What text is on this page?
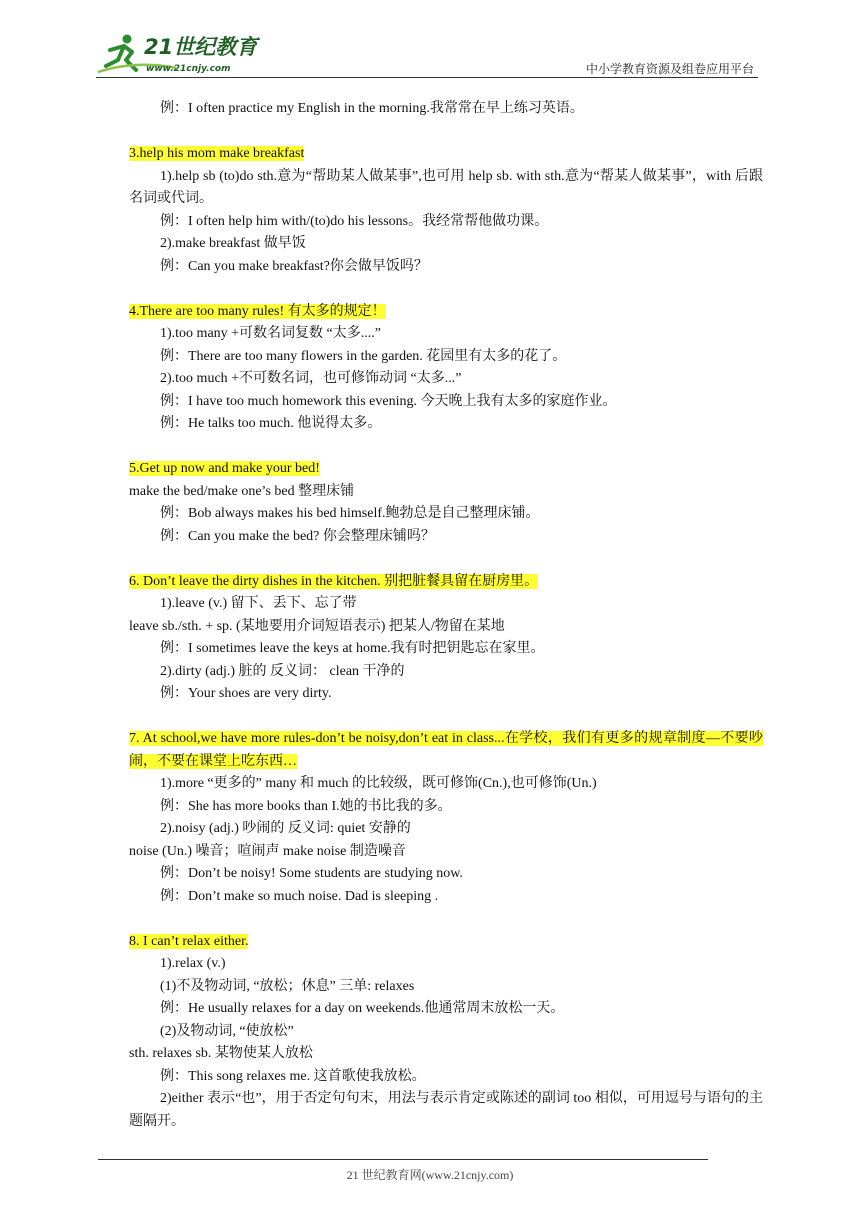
21世纪教育
www.21cnjy.com	中小学教育资源及组卷应用平台
例：I often practice my English in the morning.我常常在早上练习英语。
3.help his mom make breakfast
1).help sb (to)do sth.意为“帮助某人做某事”,也可用 help sb. with sth.意为“帮某人做某事”，with 后跟名词或代词。
例：I often help him with/(to)do his lessons。我经常帮他做功课。
2).make breakfast 做早饭
例：Can you make breakfast?你会做早饭吗？
4.There are too many rules! 有太多的规定！
1).too many +可数名词复数 “太多....”
例：There are too many flowers in the garden. 花园里有太多的花了。
2).too much +不可数名词，也可修饰动词 “太多...”
例：I have too much homework this evening. 今天晚上我有太多的家庭作业。
例：He talks too much. 他说得太多。
5.Get up now and make your bed!
make the bed/make one’s bed 整理床铺
例：Bob always makes his bed himself.鲍勃总是自己整理床铺。
例：Can you make the bed? 你会整理床铺吗？
6. Don’t leave the dirty dishes in the kitchen. 别把脏餐具留在厨房里。
1).leave (v.) 留下、丢下、忘了带
leave sb./sth. + sp. (某地要用介词短语表示) 把某人/物留在某地
例：I sometimes leave the keys at home.我有时把钥匙忘在家里。
2).dirty (adj.) 脏的 反义词： clean 干净的
例：Your shoes are very dirty.
7. At school,we have more rules-don’t be noisy,don’t eat in class...在学校，我们有更多的规章制度—不要吵闹，不要在课堂上吃东西…
1).more “更多的” many 和 much 的比较级，既可修饰(Cn.),也可修饰(Un.)
例：She has more books than I.她的书比我的多。
2).noisy (adj.) 吵闹的 反义词: quiet 安静的
noise (Un.) 噪音；喧闹声 make noise 制造噪音
例：Don’t be noisy! Some students are studying now.
例：Don’t make so much noise. Dad is sleeping .
8. I can’t relax either.
1).relax (v.)
(1)不及物动词, “放松；休息” 三单: relaxes
例：He usually relaxes for a day on weekends.他通常周末放松一天。
(2)及物动词, “使放松”
sth. relaxes sb. 某物使某人放松
例：This song relaxes me. 这首歌使我放松。
2)either 表示“也”，用于否定句句末，用法与表示肯定或陈述的副词 too 相似，可用逗号与语句的主题隔开。
21 世纪教育网(www.21cnjy.com)
